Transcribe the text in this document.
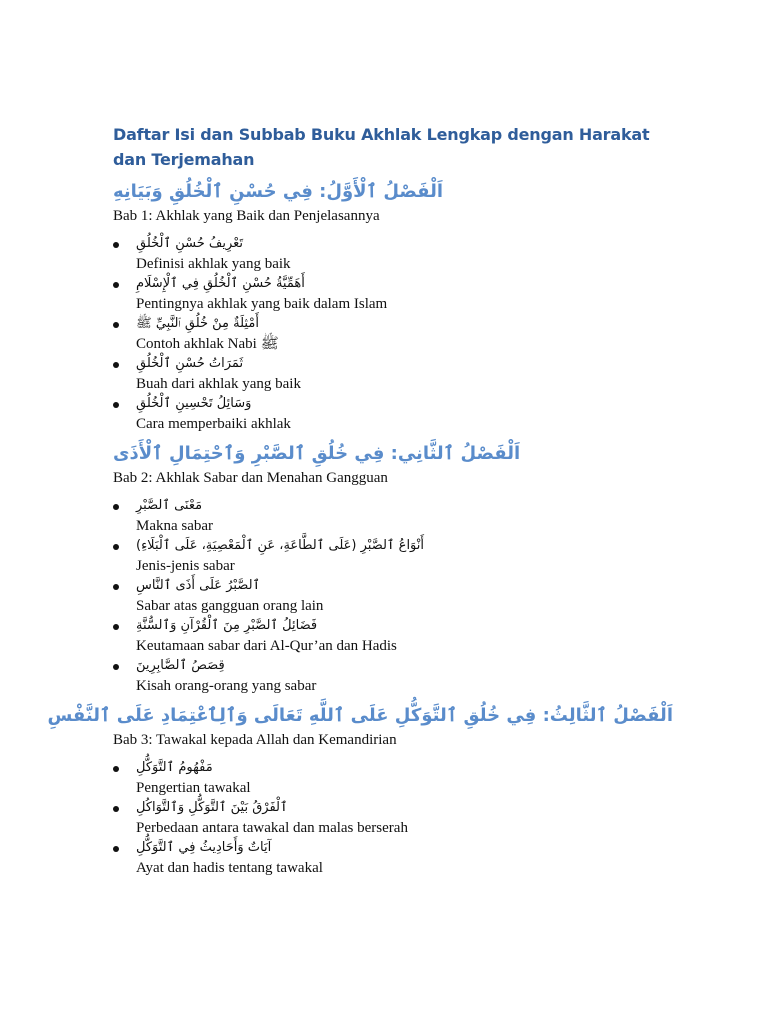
Daftar Isi dan Subbab Buku Akhlak Lengkap dengan Harakat dan Terjemahan
اَلْفَصْلُ ٱلْأَوَّلُ: فِي حُسْنِ ٱلْخُلُقِ وَبَيَانِهِ
Bab 1: Akhlak yang Baik dan Penjelasannya
تَعْرِيفُ حُسْنِ ٱلْخُلُقِ
Definisi akhlak yang baik
أَهَمِّيَّةُ حُسْنِ ٱلْخُلُقِ فِي ٱلْإِسْلَامِ
Pentingnya akhlak yang baik dalam Islam
أَمْثِلَةٌ مِنْ خُلُقِ ٱلنَّبِيِّ ﷺ
Contoh akhlak Nabi ﷺ
ثَمَرَاتُ حُسْنِ ٱلْخُلُقِ
Buah dari akhlak yang baik
وَسَائِلُ تَحْسِينِ ٱلْخُلُقِ
Cara memperbaiki akhlak
اَلْفَصْلُ ٱلثَّانِي: فِي خُلُقِ ٱلصَّبْرِ وَٱحْتِمَالِ ٱلْأَذَى
Bab 2: Akhlak Sabar dan Menahan Gangguan
مَعْنَى ٱلصَّبْرِ
Makna sabar
أَنْوَاعُ ٱلصَّبْرِ (عَلَى ٱلطَّاعَةِ، عَنِ ٱلْمَعْصِيَةِ، عَلَى ٱلْبَلَاءِ)
Jenis-jenis sabar
ٱلصَّبْرُ عَلَى أَذَى ٱلنَّاسِ
Sabar atas gangguan orang lain
فَضَائِلُ ٱلصَّبْرِ مِنَ ٱلْقُرْآنِ وَٱلسُّنَّةِ
Keutamaan sabar dari Al-Qur’an dan Hadis
قِصَصُ ٱلصَّابِرِينَ
Kisah orang-orang yang sabar
اَلْفَصْلُ ٱلثَّالِثُ: فِي خُلُقِ ٱلتَّوَكُّلِ عَلَى ٱللَّهِ تَعَالَى وَٱلِٱعْتِمَادِ عَلَى ٱلنَّفْسِ
Bab 3: Tawakal kepada Allah dan Kemandirian
مَفْهُومُ ٱلتَّوَكُّلِ
Pengertian tawakal
ٱلْفَرْقُ بَيْنَ ٱلتَّوَكُّلِ وَٱلتَّوَاكُلِ
Perbedaan antara tawakal dan malas berserah
آيَاتٌ وَأَحَادِيثُ فِي ٱلتَّوَكُّلِ
Ayat dan hadis tentang tawakal
